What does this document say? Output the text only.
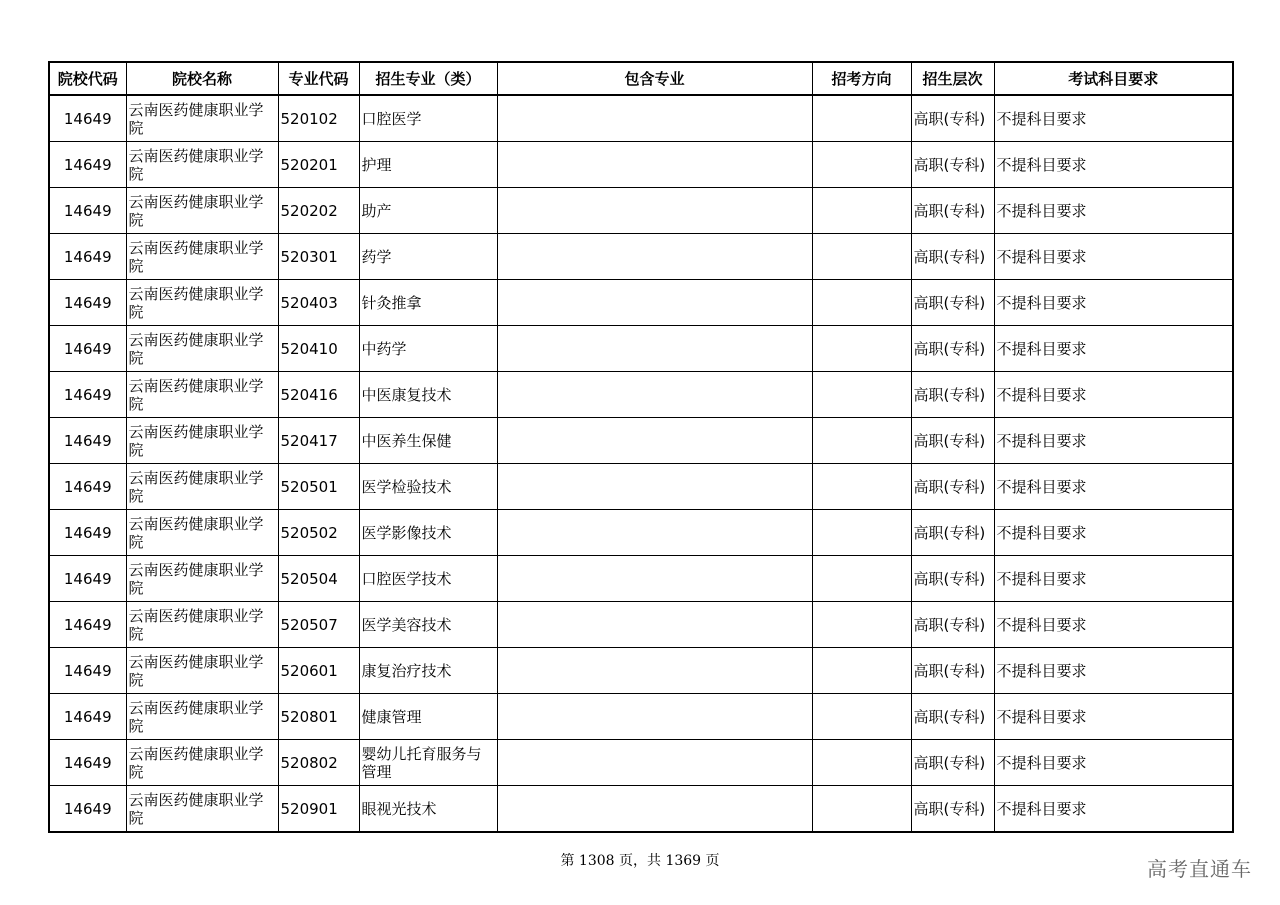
院校代码	院校名称	专业代码	招生专业（类）	包含专业	招考方向	招生层次	考试科目要求
14649	云南医药健康职业学院	520102	口腔医学			高职(专科)	不提科目要求
14649	云南医药健康职业学院	520201	护理			高职(专科)	不提科目要求
14649	云南医药健康职业学院	520202	助产			高职(专科)	不提科目要求
14649	云南医药健康职业学院	520301	药学			高职(专科)	不提科目要求
14649	云南医药健康职业学院	520403	针灸推拿			高职(专科)	不提科目要求
14649	云南医药健康职业学院	520410	中药学			高职(专科)	不提科目要求
14649	云南医药健康职业学院	520416	中医康复技术			高职(专科)	不提科目要求
14649	云南医药健康职业学院	520417	中医养生保健			高职(专科)	不提科目要求
14649	云南医药健康职业学院	520501	医学检验技术			高职(专科)	不提科目要求
14649	云南医药健康职业学院	520502	医学影像技术			高职(专科)	不提科目要求
14649	云南医药健康职业学院	520504	口腔医学技术			高职(专科)	不提科目要求
14649	云南医药健康职业学院	520507	医学美容技术			高职(专科)	不提科目要求
14649	云南医药健康职业学院	520601	康复治疗技术			高职(专科)	不提科目要求
14649	云南医药健康职业学院	520801	健康管理			高职(专科)	不提科目要求
14649	云南医药健康职业学院	520802	婴幼儿托育服务与管理			高职(专科)	不提科目要求
14649	云南医药健康职业学院	520901	眼视光技术			高职(专科)	不提科目要求
第 1308 页，共 1369 页	高考直通车
